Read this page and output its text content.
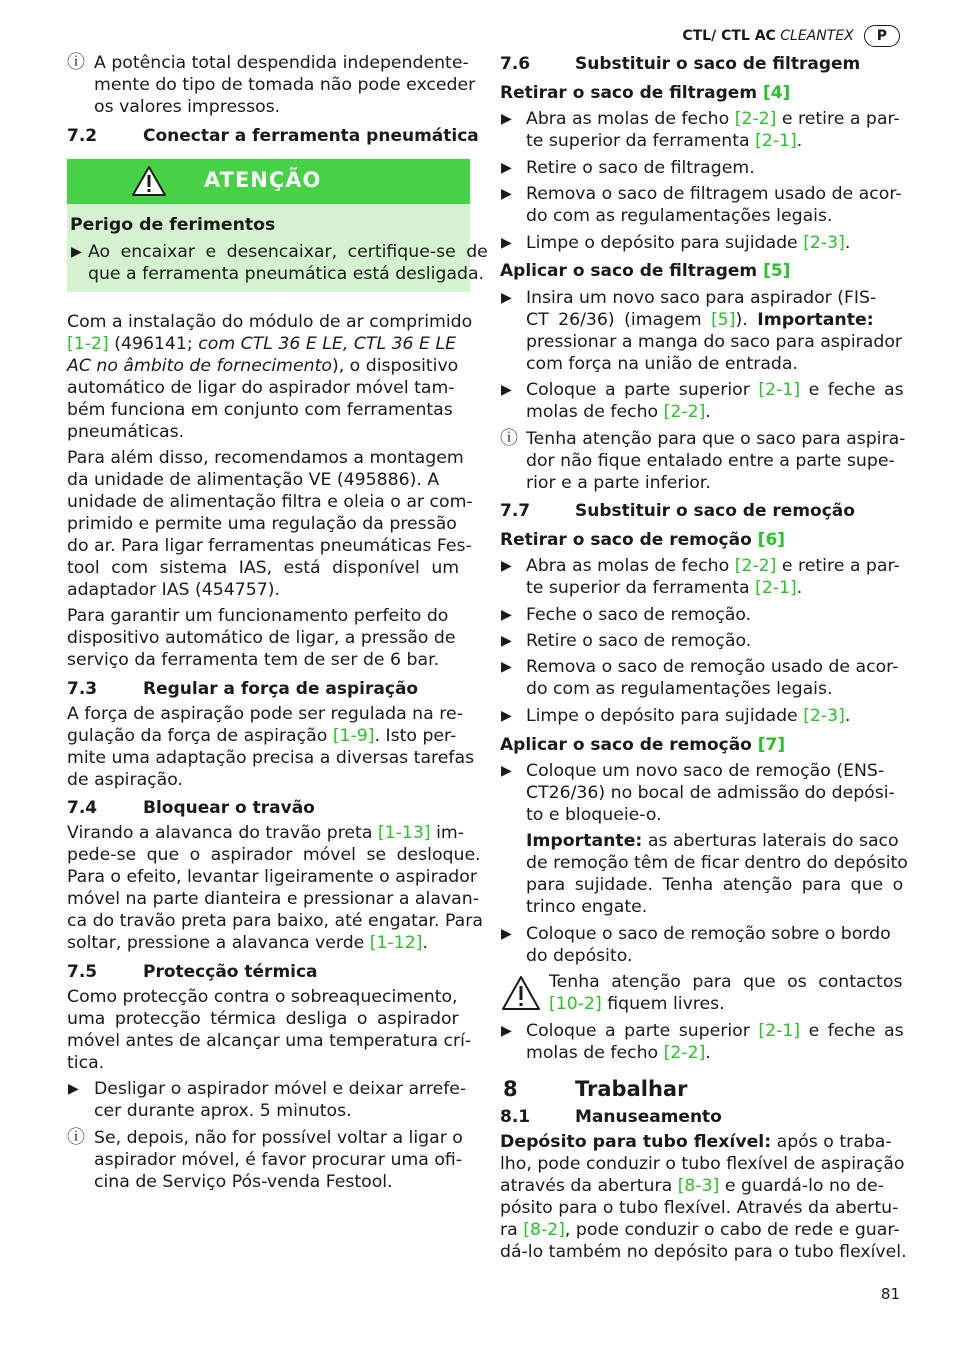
CTL/ CTL AC CLEANTEX P
ⓘ A potência total despendida independente-
mente do tipo de tomada não pode exceder
os valores impressos.
7.2	Conectar a ferramenta pneumática
ATENÇÃO
Perigo de ferimentos
▶ Ao encaixar e desencaixar, certifique-se de
que a ferramenta pneumática está desligada.
Com a instalação do módulo de ar comprimido
[1-2] (496141; com CTL 36 E LE, CTL 36 E LE
AC no âmbito de fornecimento), o dispositivo
automático de ligar do aspirador móvel tam-
bém funciona em conjunto com ferramentas
pneumáticas.
Para além disso, recomendamos a montagem
da unidade de alimentação VE (495886). A
unidade de alimentação filtra e oleia o ar com-
primido e permite uma regulação da pressão
do ar. Para ligar ferramentas pneumáticas Fes-
tool com sistema IAS, está disponível um
adaptador IAS (454757).
Para garantir um funcionamento perfeito do
dispositivo automático de ligar, a pressão de
serviço da ferramenta tem de ser de 6 bar.
7.3	Regular a força de aspiração
A força de aspiração pode ser regulada na re-
gulação da força de aspiração [1-9]. Isto per-
mite uma adaptação precisa a diversas tarefas
de aspiração.
7.4	Bloquear o travão
Virando a alavanca do travão preta [1-13] im-
pede-se que o aspirador móvel se desloque.
Para o efeito, levantar ligeiramente o aspirador
móvel na parte dianteira e pressionar a alavan-
ca do travão preta para baixo, até engatar. Para
soltar, pressione a alavanca verde [1-12].
7.5	Protecção térmica
Como protecção contra o sobreaquecimento,
uma protecção térmica desliga o aspirador
móvel antes de alcançar uma temperatura crí-
tica.
▶ Desligar o aspirador móvel e deixar arrefe-
cer durante aprox. 5 minutos.
ⓘ Se, depois, não for possível voltar a ligar o
aspirador móvel, é favor procurar uma ofi-
cina de Serviço Pós-venda Festool.
7.6	Substituir o saco de filtragem
Retirar o saco de filtragem [4]
▶ Abra as molas de fecho [2-2] e retire a par-
te superior da ferramenta [2-1].
▶ Retire o saco de filtragem.
▶ Remova o saco de filtragem usado de acor-
do com as regulamentações legais.
▶ Limpe o depósito para sujidade [2-3].
Aplicar o saco de filtragem [5]
▶ Insira um novo saco para aspirador (FIS-
CT 26/36) (imagem [5]). Importante:
pressionar a manga do saco para aspirador
com força na união de entrada.
▶ Coloque a parte superior [2-1] e feche as
molas de fecho [2-2].
ⓘ Tenha atenção para que o saco para aspira-
dor não fique entalado entre a parte supe-
rior e a parte inferior.
7.7	Substituir o saco de remoção
Retirar o saco de remoção [6]
▶ Abra as molas de fecho [2-2] e retire a par-
te superior da ferramenta [2-1].
▶ Feche o saco de remoção.
▶ Retire o saco de remoção.
▶ Remova o saco de remoção usado de acor-
do com as regulamentações legais.
▶ Limpe o depósito para sujidade [2-3].
Aplicar o saco de remoção [7]
▶ Coloque um novo saco de remoção (ENS-
CT26/36) no bocal de admissão do depósi-
to e bloqueie-o.
Importante: as aberturas laterais do saco
de remoção têm de ficar dentro do depósito
para sujidade. Tenha atenção para que o
trinco engate.
▶ Coloque o saco de remoção sobre o bordo
do depósito.
Tenha atenção para que os contactos
[10-2] fiquem livres.
▶ Coloque a parte superior [2-1] e feche as
molas de fecho [2-2].
8	Trabalhar
8.1	Manuseamento
Depósito para tubo flexível: após o traba-
lho, pode conduzir o tubo flexível de aspiração
através da abertura [8-3] e guardá-lo no de-
pósito para o tubo flexível. Através da abertu-
ra [8-2], pode conduzir o cabo de rede e guar-
dá-lo também no depósito para o tubo flexível.
81
